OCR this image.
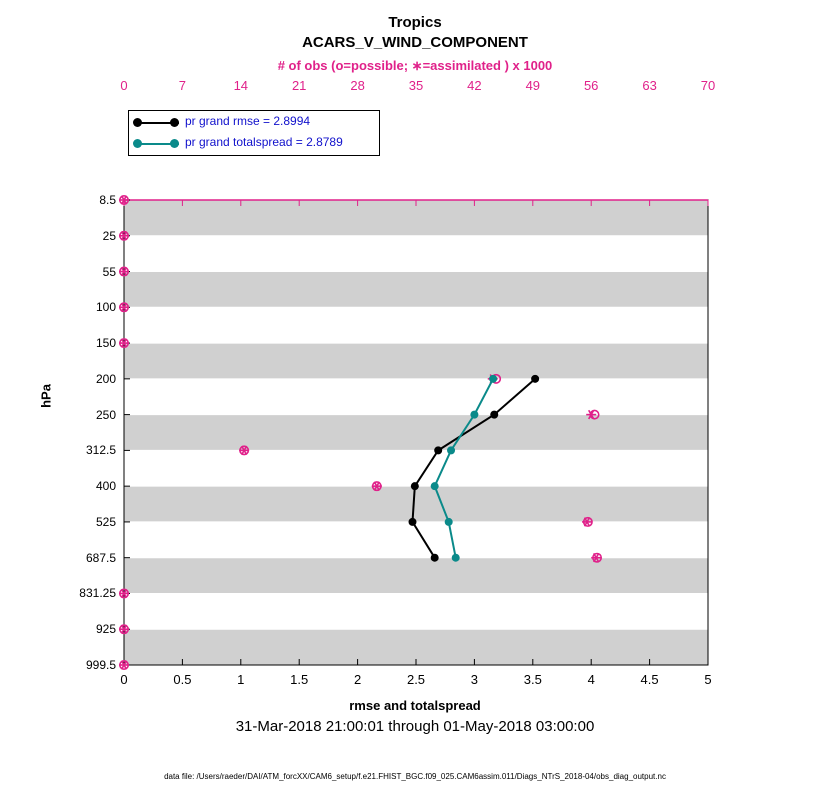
Tropics
ACARS_V_WIND_COMPONENT
# of obs (o=possible; ∗=assimilated ) x 1000
0	7	14	21	28	35	42	49	56	63	70
0	0.5	1	1.5	2	2.5	3	3.5	4	4.5	5
8.5
25
55
100
150
200
250
312.5
400
525
687.5
831.25
925
999.5
hPa
rmse and totalspread
31-Mar-2018 21:00:01 through 01-May-2018 03:00:00
data file: /Users/raeder/DAI/ATM_forcXX/CAM6_setup/f.e21.FHIST_BGC.f09_025.CAM6assim.011/Diags_NTrS_2018-04/obs_diag_output.nc
pr grand rmse = 2.8994
pr grand totalspread = 2.8789
